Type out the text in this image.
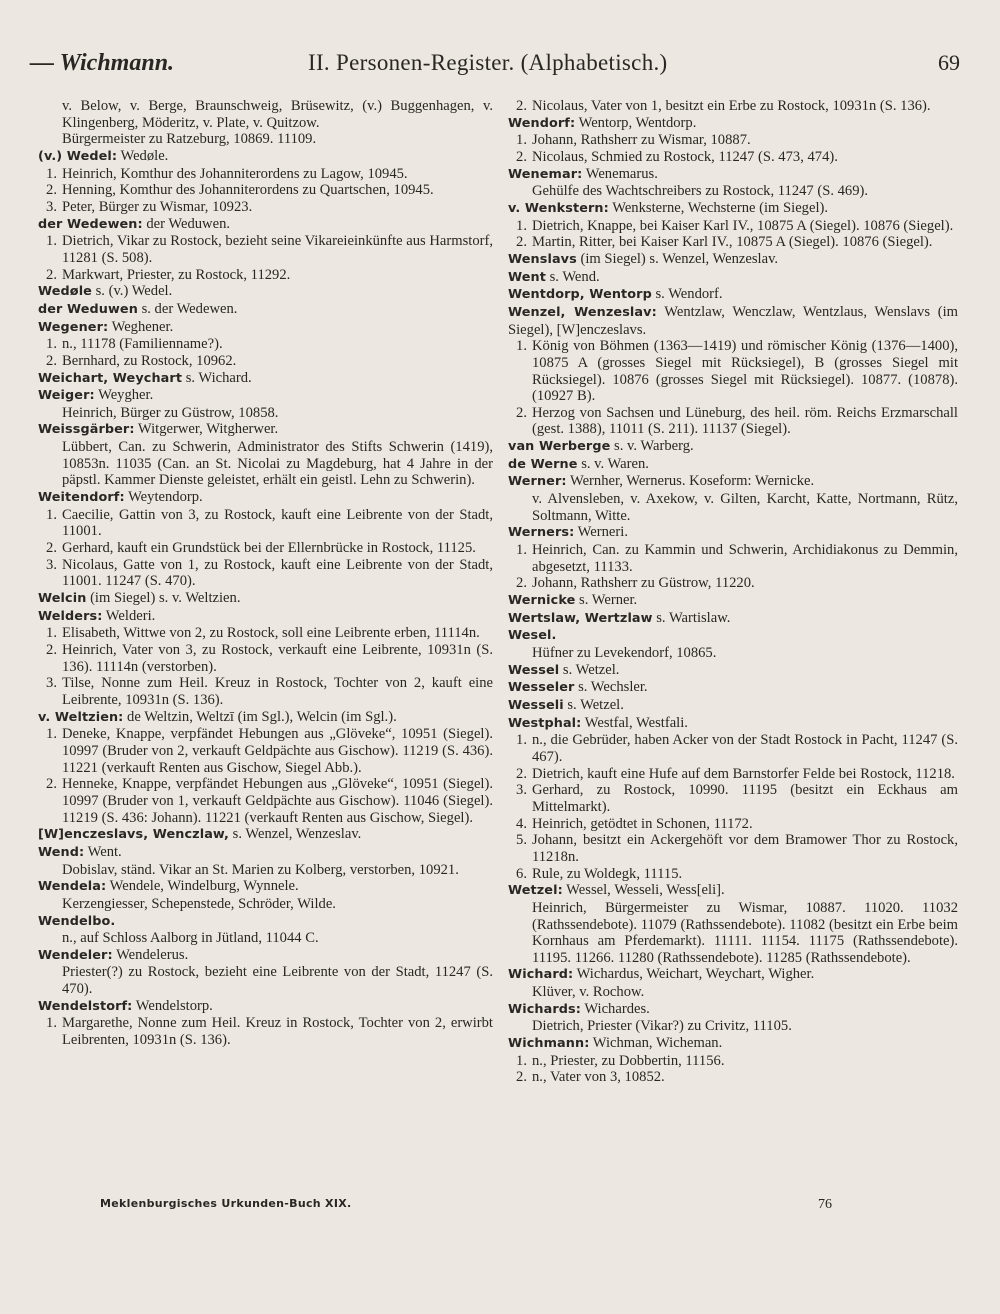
— Wichmann.	II. Personen-Register. (Alphabetisch.)	69
v. Below, v. Berge, Braunschweig, Brüsewitz, (v.) Buggenhagen, v. Klingenberg, Möderitz, v. Plate, v. Quitzow.
Bürgermeister zu Ratzeburg, 10869. 11109.
(v.) Wedel: Wedøle.
1. Heinrich, Komthur des Johanniterordens zu Lagow, 10945.
2. Henning, Komthur des Johanniterordens zu Quartschen, 10945.
3. Peter, Bürger zu Wismar, 10923.
der Wedewen: der Weduwen.
1. Dietrich, Vikar zu Rostock, bezieht seine Vikareieinkünfte aus Harmstorf, 11281 (S. 508).
2. Markwart, Priester, zu Rostock, 11292.
Wedøle s. (v.) Wedel.
der Weduwen s. der Wedewen.
Wegener: Weghener.
1. n., 11178 (Familienname?).
2. Bernhard, zu Rostock, 10962.
Weichart, Weychart s. Wichard.
Weiger: Weygher.
Heinrich, Bürger zu Güstrow, 10858.
Weissgärber: Witgerwer, Witgherwer.
Lübbert, Can. zu Schwerin, Administrator des Stifts Schwerin (1419), 10853n. 11035 (Can. an St. Nicolai zu Magdeburg, hat 4 Jahre in der päpstl. Kammer Dienste geleistet, erhält ein geistl. Lehn zu Schwerin).
Weitendorf: Weytendorp.
1. Caecilie, Gattin von 3, zu Rostock, kauft eine Leibrente von der Stadt, 11001.
2. Gerhard, kauft ein Grundstück bei der Ellernbrücke in Rostock, 11125.
3. Nicolaus, Gatte von 1, zu Rostock, kauft eine Leibrente von der Stadt, 11001. 11247 (S. 470).
Welcin (im Siegel) s. v. Weltzien.
Welders: Welderi.
1. Elisabeth, Wittwe von 2, zu Rostock, soll eine Leibrente erben, 11114n.
2. Heinrich, Vater von 3, zu Rostock, verkauft eine Leibrente, 10931n (S. 136). 11114n (verstorben).
3. Tilse, Nonne zum Heil. Kreuz in Rostock, Tochter von 2, kauft eine Leibrente, 10931n (S. 136).
v. Weltzien: de Weltzin, Weltzī (im Sgl.), Welcin (im Sgl.).
1. Deneke, Knappe, verpfändet Hebungen aus „Glöveke“, 10951 (Siegel). 10997 (Bruder von 2, verkauft Geldpächte aus Gischow). 11219 (S. 436). 11221 (verkauft Renten aus Gischow, Siegel Abb.).
2. Henneke, Knappe, verpfändet Hebungen aus „Glöveke“, 10951 (Siegel). 10997 (Bruder von 1, verkauft Geldpächte aus Gischow). 11046 (Siegel). 11219 (S. 436: Johann). 11221 (verkauft Renten aus Gischow, Siegel).
[W]enczeslavs, Wenczlaw, s. Wenzel, Wenzeslav.
Wend: Went.
Dobislav, ständ. Vikar an St. Marien zu Kolberg, verstorben, 10921.
Wendela: Wendele, Windelburg, Wynnele.
Kerzengiesser, Schepenstede, Schröder, Wilde.
Wendelbo.
n., auf Schloss Aalborg in Jütland, 11044 C.
Wendeler: Wendelerus.
Priester(?) zu Rostock, bezieht eine Leibrente von der Stadt, 11247 (S. 470).
Wendelstorf: Wendelstorp.
1. Margarethe, Nonne zum Heil. Kreuz in Rostock, Tochter von 2, erwirbt Leibrenten, 10931n (S. 136).
2. Nicolaus, Vater von 1, besitzt ein Erbe zu Rostock, 10931n (S. 136).
Wendorf: Wentorp, Wentdorp.
1. Johann, Rathsherr zu Wismar, 10887.
2. Nicolaus, Schmied zu Rostock, 11247 (S. 473, 474).
Wenemar: Wenemarus.
Gehülfe des Wachtschreibers zu Rostock, 11247 (S. 469).
v. Wenkstern: Wenksterne, Wechsterne (im Siegel).
1. Dietrich, Knappe, bei Kaiser Karl IV., 10875 A (Siegel). 10876 (Siegel).
2. Martin, Ritter, bei Kaiser Karl IV., 10875 A (Siegel). 10876 (Siegel).
Wenslavs (im Siegel) s. Wenzel, Wenzeslav.
Went s. Wend.
Wentdorp, Wentorp s. Wendorf.
Wenzel, Wenzeslav: Wentzlaw, Wenczlaw, Wentzlaus, Wenslavs (im Siegel), [W]enczeslavs.
1. König von Böhmen (1363—1419) und römischer König (1376—1400), 10875 A (grosses Siegel mit Rücksiegel), B (grosses Siegel mit Rücksiegel). 10876 (grosses Siegel mit Rücksiegel). 10877. (10878). (10927 B).
2. Herzog von Sachsen und Lüneburg, des heil. röm. Reichs Erzmarschall (gest. 1388), 11011 (S. 211). 11137 (Siegel).
van Werberge s. v. Warberg.
de Werne s. v. Waren.
Werner: Wernher, Wernerus. Koseform: Wernicke.
v. Alvensleben, v. Axekow, v. Gilten, Karcht, Katte, Nortmann, Rütz, Soltmann, Witte.
Werners: Werneri.
1. Heinrich, Can. zu Kammin und Schwerin, Archidiakonus zu Demmin, abgesetzt, 11133.
2. Johann, Rathsherr zu Güstrow, 11220.
Wernicke s. Werner.
Wertslaw, Wertzlaw s. Wartislaw.
Wesel.
Hüfner zu Levekendorf, 10865.
Wessel s. Wetzel.
Wesseler s. Wechsler.
Wesseli s. Wetzel.
Westphal: Westfal, Westfali.
1. n., die Gebrüder, haben Acker von der Stadt Rostock in Pacht, 11247 (S. 467).
2. Dietrich, kauft eine Hufe auf dem Barnstorfer Felde bei Rostock, 11218.
3. Gerhard, zu Rostock, 10990. 11195 (besitzt ein Eckhaus am Mittelmarkt).
4. Heinrich, getödtet in Schonen, 11172.
5. Johann, besitzt ein Ackergehöft vor dem Bramower Thor zu Rostock, 11218n.
6. Rule, zu Woldegk, 11115.
Wetzel: Wessel, Wesseli, Wess[eli].
Heinrich, Bürgermeister zu Wismar, 10887. 11020. 11032 (Rathssendebote). 11079 (Rathssendebote). 11082 (besitzt ein Erbe beim Kornhaus am Pferdemarkt). 11111. 11154. 11175 (Rathssendebote). 11195. 11266. 11280 (Rathssendebote). 11285 (Rathssendebote).
Wichard: Wichardus, Weichart, Weychart, Wigher.
Klüver, v. Rochow.
Wichards: Wichardes.
Dietrich, Priester (Vikar?) zu Crivitz, 11105.
Wichmann: Wichman, Wicheman.
1. n., Priester, zu Dobbertin, 11156.
2. n., Vater von 3, 10852.
Meklenburgisches Urkunden-Buch XIX.	76
